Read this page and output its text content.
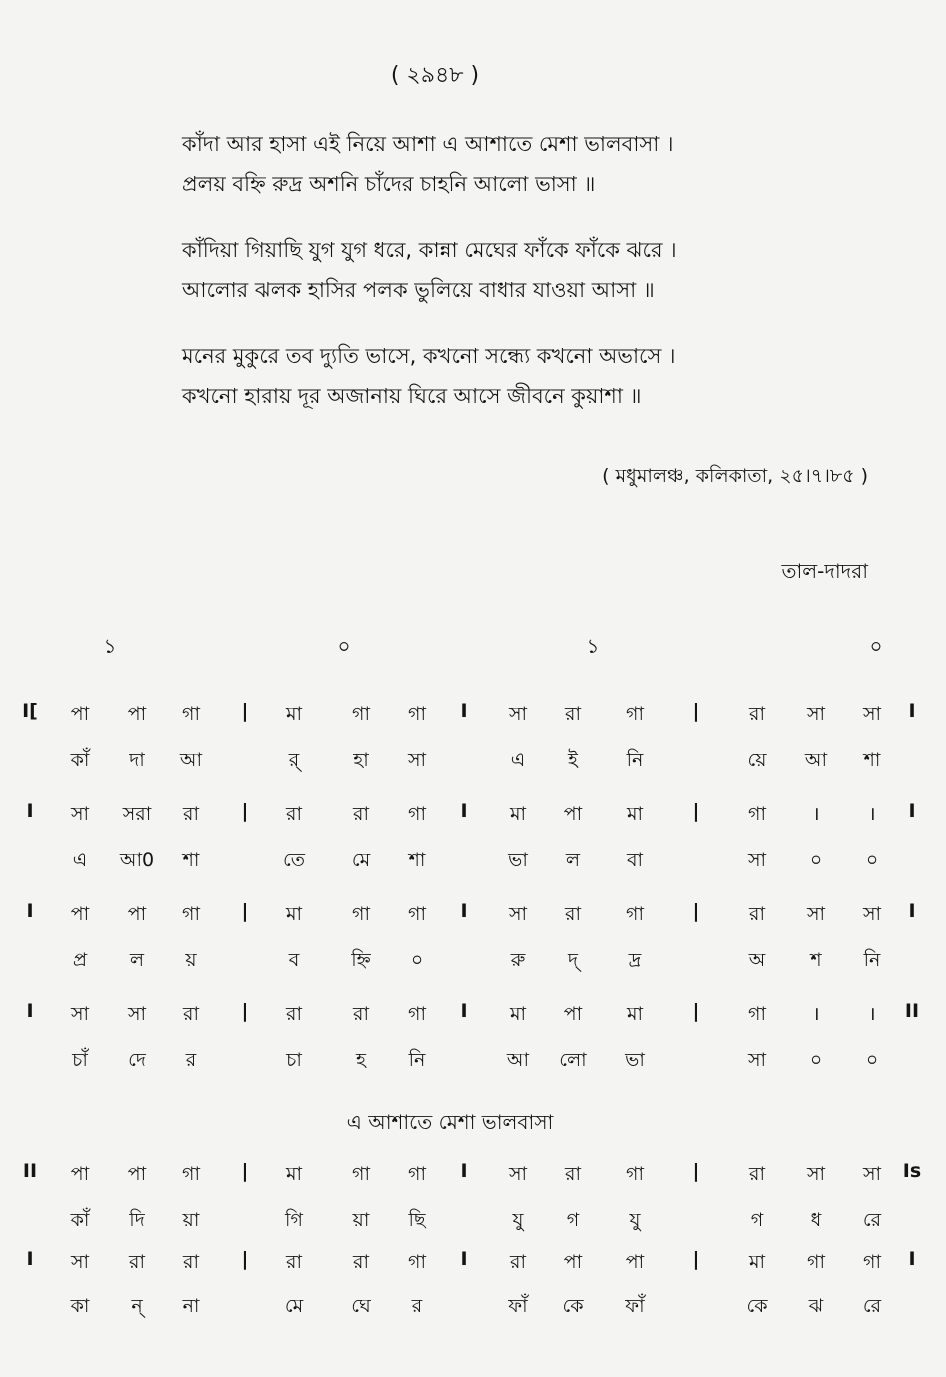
( ২৯৪৮ )
কাঁদা আর হাসা এই নিয়ে আশা এ আশাতে মেশা ভালবাসা ।
প্রলয় বহ্নি রুদ্র অশনি চাঁদের চাহনি আলো ভাসা ॥
কাঁদিয়া গিয়াছি যুগ যুগ ধরে, কান্না মেঘের ফাঁকে ফাঁকে ঝরে ।
আলোর ঝলক হাসির পলক ভুলিয়ে বাধার যাওয়া আসা ॥
মনের মুকুরে তব দ্যুতি ভাসে, কখনো সন্ধ্যে কখনো অভাসে ।
কখনো হারায় দূর অজানায় ঘিরে আসে জীবনে কুয়াশা ॥
( মধুমালঞ্চ, কলিকাতা, ২৫।৭।৮৫ )
তাল-দাদরা
১	০	১	০
I[ পা পা গা | মা	গা গা I সা রা গা	|	রা সা সা I
কাঁ দা আ	র্	হা সা	এ ই	নি	য়ে আ শা
I সা সরা রা | রা	রা গা I মা পা মা	|	গা ।	। I
এ আ0 শা	তে মে শা	ভা ল বা	সা ০ ০
I পা পা গা | মা	গা গা I সা রা গা	|	রা সা সা I
প্র ল য়	ব	হ্নি ০	রু দ্	দ্র	অ শ নি
I সা সা রা | রা	রা গা I মা পা মা	|	গা ।	। II
চাঁ দে র	চা	হ নি	আ লো ভা	সা ০ ০
II পা পা গা | মা	গা গা I সা রা গা	|	রা সা সা Is
কাঁ দি য়া	গি	য়া ছি	যু গ	যু	গ ধ রে
I সা রা রা | রা	রা গা I রা পা পা	|	মা গা গা I
কা ন্ না	মে	ঘে র	ফাঁ কে ফাঁ	কে ঝ রে
এ আশাতে মেশা ভালবাসা
